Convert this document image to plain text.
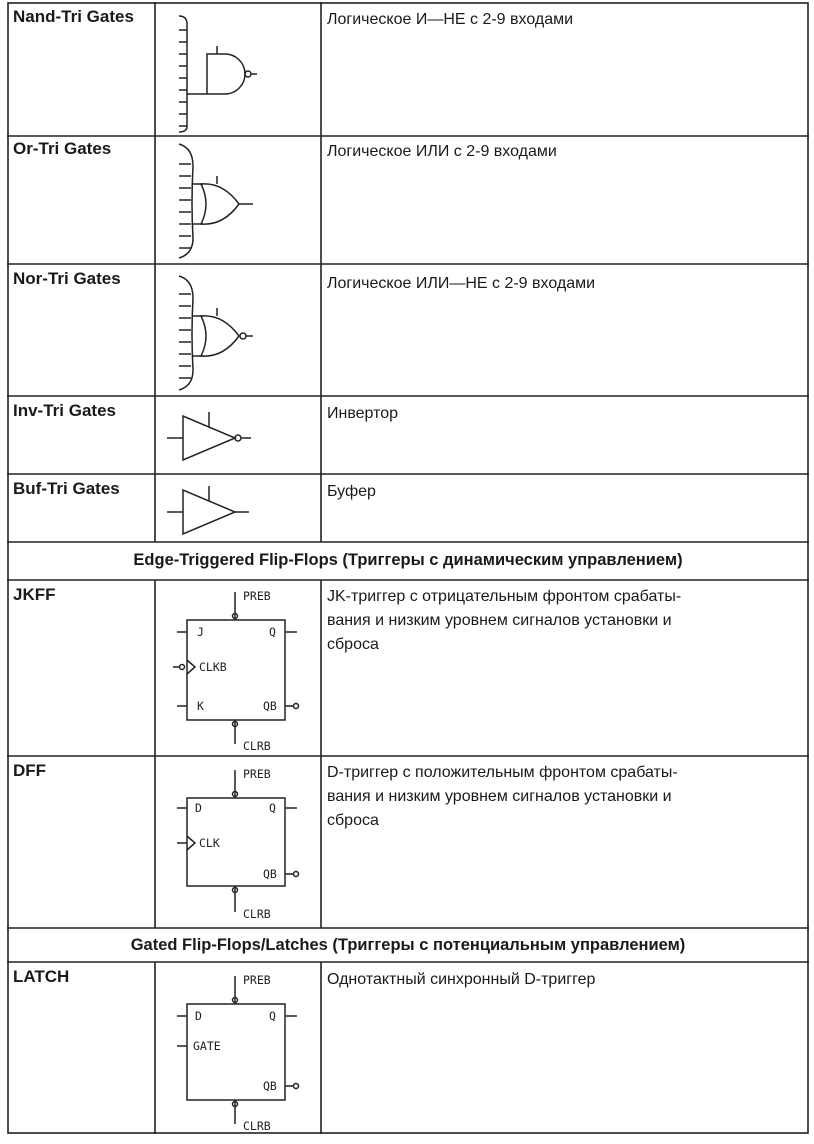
Nand-Tri Gates	Логическое И—НЕ с 2-9 входами
Or-Tri Gates	Логическое ИЛИ с 2-9 входами
Nor-Tri Gates	Логическое ИЛИ—НЕ с 2-9 входами
Inv-Tri Gates	Инвертор
Buf-Tri Gates	Буфер
Edge-Triggered Flip-Flops (Триггеры с динамическим управлением)
JKFF	JK-триггер с отрицательным фронтом срабаты-
вания и низким уровнем сигналов установки и
сброса
PREB
J	Q
CLKB
K	QB
CLRB
DFF	D-триггер с положительным фронтом срабаты-
вания и низким уровнем сигналов установки и
сброса
PREB
D	Q
CLK
QB
CLRB
Gated Flip-Flops/Latches (Триггеры с потенциальным управлением)
LATCH	Однотактный синхронный D-триггер
PREB
D	Q
GATE
QB
CLRB
